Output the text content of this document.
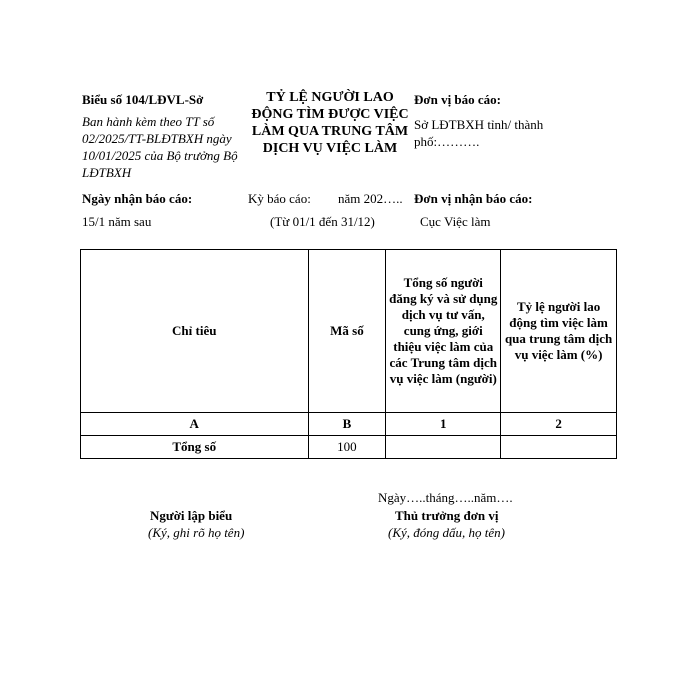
Biểu số 104/LĐVL-Sở
Ban hành kèm theo TT số 02/2025/TT-BLĐTBXH ngày 10/01/2025 của Bộ trưởng Bộ LĐTBXH
TỶ LỆ NGƯỜI LAO ĐỘNG TÌM ĐƯỢC VIỆC LÀM QUA TRUNG TÂM DỊCH VỤ VIỆC LÀM
Đơn vị báo cáo:
Sở LĐTBXH tỉnh/ thành phố:……….
Ngày nhận báo cáo:
15/1 năm sau
Kỳ báo cáo: năm 202…..
(Từ 01/1 đến 31/12)
Đơn vị nhận báo cáo:
Cục Việc làm
Chỉ tiêu	Mã số	Tổng số người đăng ký và sử dụng dịch vụ tư vấn, cung ứng, giới thiệu việc làm của các Trung tâm dịch vụ việc làm (người)	Tỷ lệ người lao động tìm việc làm qua trung tâm dịch vụ việc làm (%)
A	B	1	2
Tổng số	100		
Ngày…..tháng…..năm….
Người lập biểu
(Ký, ghi rõ họ tên)
Thủ trưởng đơn vị
(Ký, đóng dấu, họ tên)
